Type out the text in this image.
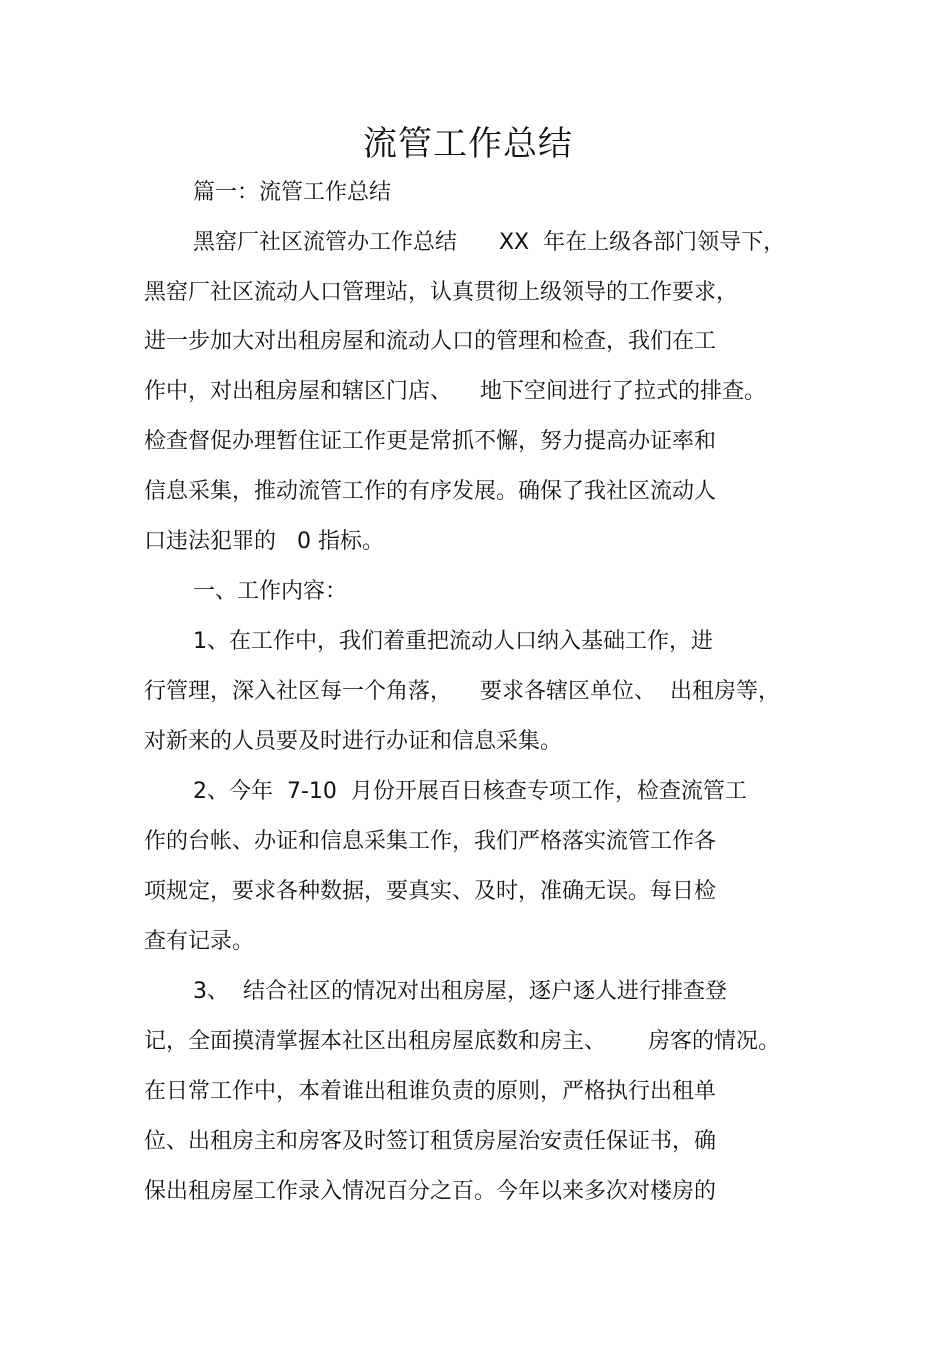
流管工作总结

篇一：流管工作总结

黑窑厂社区流管办工作总结      XX  年在上级各部门领导下，

黑窑厂社区流动人口管理站，认真贯彻上级领导的工作要求，

进一步加大对出租房屋和流动人口的管理和检查，我们在工

作中，对出租房屋和辖区门店、    地下空间进行了拉式的排查。

检查督促办理暂住证工作更是常抓不懈，努力提高办证率和

信息采集，推动流管工作的有序发展。确保了我社区流动人

口违法犯罪的   0 指标。

一、工作内容：

1、在工作中，我们着重把流动人口纳入基础工作，进

行管理，深入社区每一个角落，    要求各辖区单位、  出租房等，

对新来的人员要及时进行办证和信息采集。

2、今年  7-10  月份开展百日核查专项工作，检查流管工

作的台帐、办证和信息采集工作，我们严格落实流管工作各

项规定，要求各种数据，要真实、及时，准确无误。每日检

查有记录。

3、  结合社区的情况对出租房屋，逐户逐人进行排查登

记，全面摸清掌握本社区出租房屋底数和房主、      房客的情况。

在日常工作中，本着谁出租谁负责的原则，严格执行出租单

位、出租房主和房客及时签订租赁房屋治安责任保证书，确

保出租房屋工作录入情况百分之百。今年以来多次对楼房的
